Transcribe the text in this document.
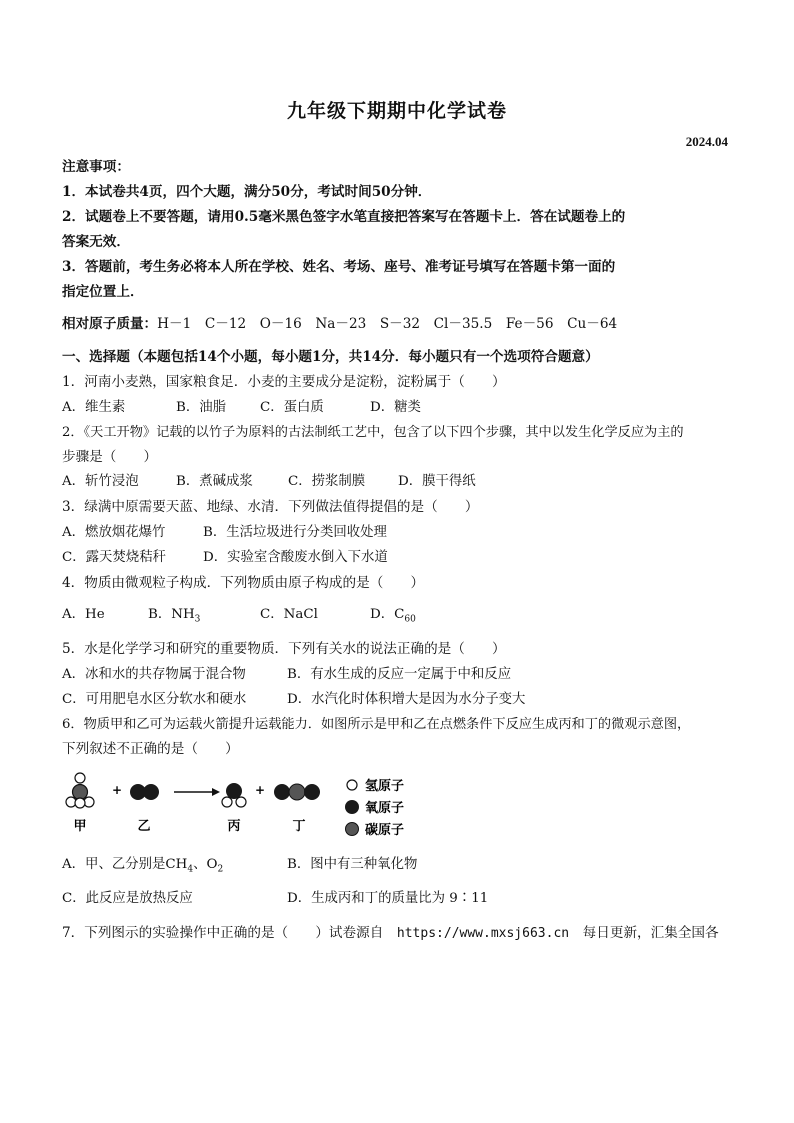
九年级下期期中化学试卷
2024.04
注意事项：
1．本试卷共4页，四个大题，满分50分，考试时间50分钟．
2．试题卷上不要答题，请用0.5毫米黑色签字水笔直接把答案写在答题卡上．答在试题卷上的
答案无效．
3．答题前，考生务必将本人所在学校、姓名、考场、座号、准考证号填写在答题卡第一面的
指定位置上．
相对原子质量：H－1　C－12　O－16　Na－23　S－32　Cl－35.5　Fe－56　Cu－64
一、选择题（本题包括14个小题，每小题1分，共14分．每小题只有一个选项符合题意）
1．河南小麦熟，国家粮食足．小麦的主要成分是淀粉，淀粉属于（　　）
A．维生素	B．油脂	C．蛋白质	D．糖类
2．《天工开物》记载的以竹子为原料的古法制纸工艺中，包含了以下四个步骤，其中以发生化学反应为主的
步骤是（　　）
A．斩竹浸泡	B．煮碱成浆	C．捞浆制膜 D．膜干得纸
3．绿满中原需要天蓝、地绿、水清．下列做法值得提倡的是（　　）
A．燃放烟花爆竹	B．生活垃圾进行分类回收处理
C．露天焚烧秸秆	D．实验室含酸废水倒入下水道
4．物质由微观粒子构成．下列物质由原子构成的是（　　）
A．He	B．$NH_3$	C．NaCl	D．$C_{60}$
5．水是化学学习和研究的重要物质．下列有关水的说法正确的是（　　）
A．冰和水的共存物属于混合物	B．有水生成的反应一定属于中和反应
C．可用肥皂水区分软水和硬水	D．水汽化时体积增大是因为水分子变大
6．物质甲和乙可为运载火箭提升运载能力．如图所示是甲和乙在点燃条件下反应生成丙和丁的微观示意图，
下列叙述不正确的是（　　）
+	+
甲	乙	丙	丁
氢原子
氧原子
碳原子
A．甲、乙分别是$CH_4$、$O_2$	B．图中有三种氧化物
C．此反应是放热反应	D．生成丙和丁的质量比为 9∶11
7．下列图示的实验操作中正确的是（　　）试卷源自　https://www.mxsj663.cn　每日更新，汇集全国各
